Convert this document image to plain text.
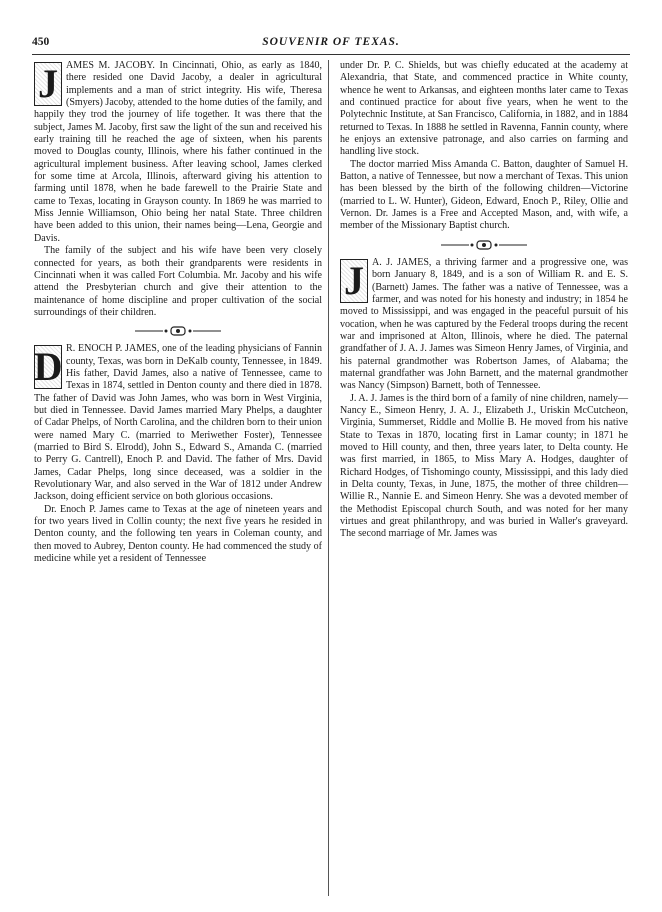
450	SOUVENIR OF TEXAS.
J AMES M. JACOBY. In Cincinnati, Ohio, as early as 1840, there resided one David Jacoby, a dealer in agricultural implements and a man of strict integrity. His wife, Theresa (Smyers) Jacoby, attended to the home duties of the family, and happily they trod the journey of life together. It was there that the subject, James M. Jacoby, first saw the light of the sun and received his early training till he reached the age of sixteen, when his parents moved to Douglas county, Illinois, where his father continued in the agricultural implement business. After leaving school, James clerked for some time at Arcola, Illinois, afterward giving his attention to farming until 1878, when he bade farewell to the Prairie State and came to Texas, locating in Grayson county. In 1869 he was married to Miss Jennie Williamson, Ohio being her natal State. Three children have been added to this union, their names being—Lena, Georgie and Davis.

The family of the subject and his wife have been very closely connected for years, as both their grandparents were residents in Cincinnati when it was called Fort Columbia. Mr. Jacoby and his wife attend the Presbyterian church and give their attention to the maintenance of home discipline and proper cultivation of the social surroundings of their children.

D R. ENOCH P. JAMES, one of the leading physicians of Fannin county, Texas, was born in DeKalb county, Tennessee, in 1849. His father, David James, also a native of Tennessee, came to Texas in 1874, settled in Denton county and there died in 1878. The father of David was John James, who was born in West Virginia, but died in Tennessee. David James married Mary Phelps, a daughter of Cadar Phelps, of North Carolina, and the children born to their union were named Mary C. (married to Meriwether Foster), Tennessee (married to Bird S. Elrodd), John S., Edward S., Amanda C. (married to Perry G. Cantrell), Enoch P. and David. The father of Mrs. David James, Cadar Phelps, long since deceased, was a soldier in the Revolutionary War, and also served in the War of 1812 under Andrew Jackson, doing efficient service on both glorious occasions.

Dr. Enoch P. James came to Texas at the age of nineteen years and for two years lived in Collin county; the next five years he resided in Denton county, and the following ten years in Coleman county, and then moved to Aubrey, Denton county. He had commenced the study of medicine while yet a resident of Tennessee

under Dr. P. C. Shields, but was chiefly educated at the academy at Alexandria, that State, and commenced practice in White county, whence he went to Arkansas, and eighteen months later came to Texas and continued practice for about five years, when he went to the Polytechnic Institute, at San Francisco, California, in 1882, and in 1884 returned to Texas. In 1888 he settled in Ravenna, Fannin county, where he enjoys an extensive patronage, and also carries on farming and handling live stock.

The doctor married Miss Amanda C. Batton, daughter of Samuel H. Batton, a native of Tennessee, but now a merchant of Texas. This union has been blessed by the birth of the following children—Victorine (married to L. W. Hunter), Gideon, Edward, Enoch P., Riley, Ollie and Vernon. Dr. James is a Free and Accepted Mason, and, with wife, a member of the Missionary Baptist church.

J A. J. JAMES, a thriving farmer and a progressive one, was born January 8, 1849, and is a son of William R. and E. S. (Barnett) James. The father was a native of Tennessee, was a farmer, and was noted for his honesty and industry; in 1854 he moved to Mississippi, and was engaged in the peaceful pursuit of his vocation, when he was captured by the Federal troops during the recent war and imprisoned at Alton, Illinois, where he died. The paternal grandfather of J. A. J. James was Simeon Henry James, of Virginia, and his paternal grandmother was Robertson James, of Alabama; the maternal grandfather was John Barnett, and the maternal grandmother was Nancy (Simpson) Barnett, both of Tennessee.

J. A. J. James is the third born of a family of nine children, namely—Nancy E., Simeon Henry, J. A. J., Elizabeth J., Uriskin McCutcheon, Virginia, Summerset, Riddle and Mollie B. He moved from his native State to Texas in 1870, locating first in Lamar county; in 1871 he moved to Hill county, and then, three years later, to Delta county. He was first married, in 1865, to Miss Mary A. Hodges, daughter of Richard Hodges, of Tishomingo county, Mississippi, and this lady died in Delta county, Texas, in June, 1875, the mother of three children—Willie R., Nannie E. and Simeon Henry. She was a devoted member of the Methodist Episcopal church South, and was noted for her many virtues and great philanthropy, and was buried in Waller's graveyard. The second marriage of Mr. James was
